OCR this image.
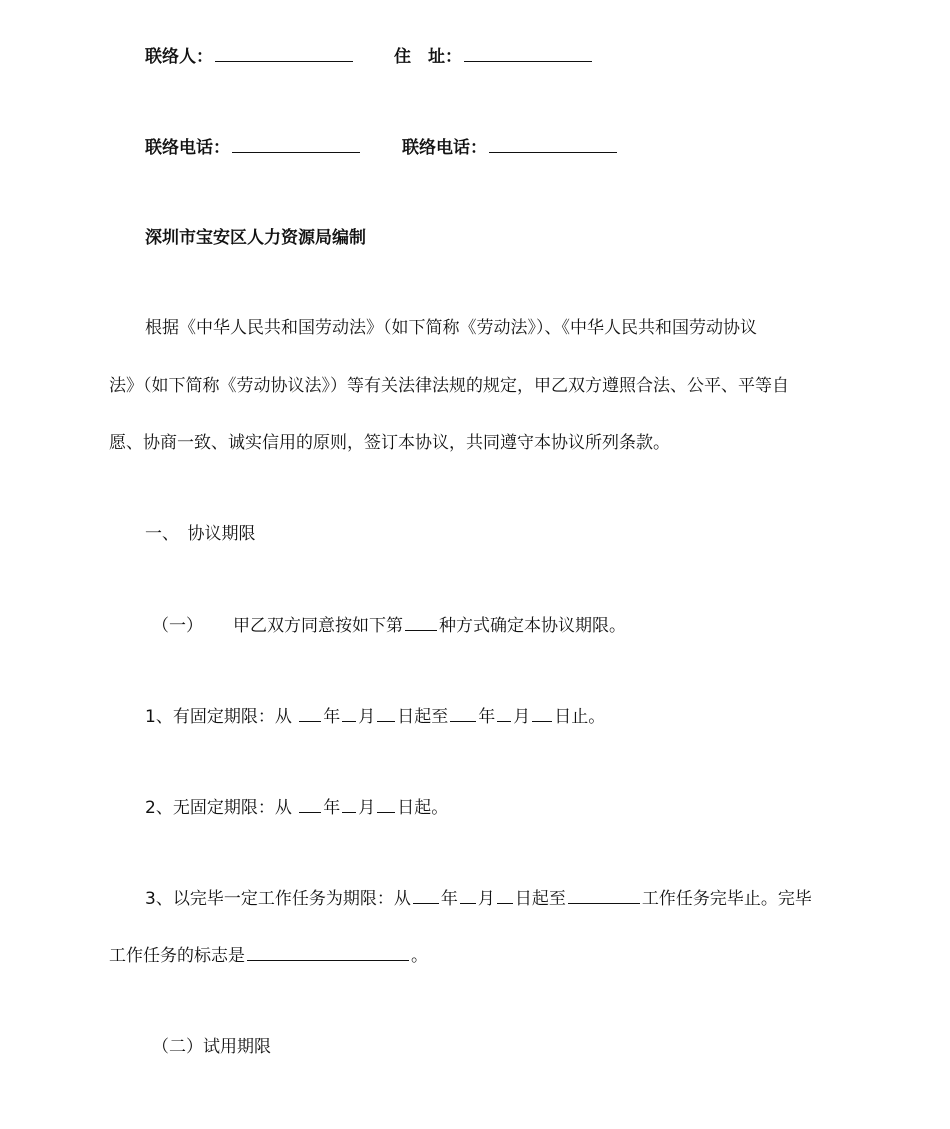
联络人：	住　址：
联络电话：	联络电话：
深圳市宝安区人力资源局编制
根据《中华人民共和国劳动法》（如下简称《劳动法》）、《中华人民共和国劳动协议
法》（如下简称《劳动协议法》）等有关法律法规的规定，甲乙双方遵照合法、公平、平等自
愿、协商一致、诚实信用的原则，签订本协议，共同遵守本协议所列条款。
一、　协议期限
（一） 甲乙双方同意按如下第 种方式确定本协议期限。
1、有固定期限：从 年 月 日起至 年 月 日止。
2、无固定期限：从 年 月 日起。
3、以完毕一定工作任务为期限：从 年 月 日起至	工作任务完毕止。完毕
工作任务的标志是	。
（二）试用期限
